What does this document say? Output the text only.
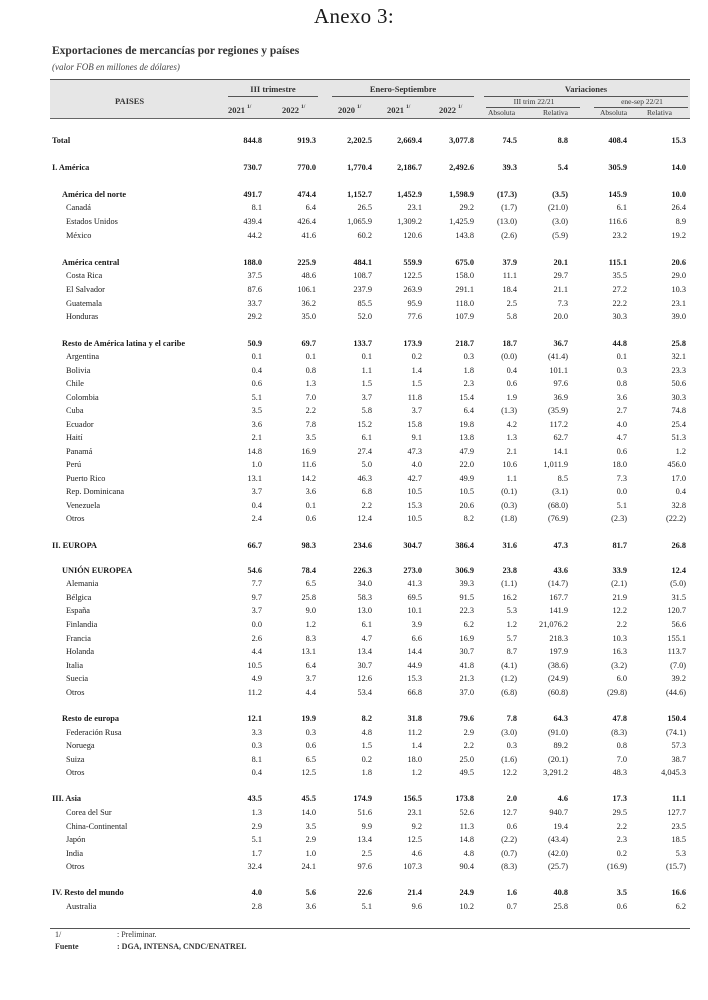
Anexo 3:
Exportaciones de mercancías por regiones y países
(valor FOB en millones de dólares)
PAISES
III trimestre	Enero-Septiembre	Variaciones
III trim 22/21	ene-sep 22/21
2021 $^{1/}$	2022 $^{1/}$	2020 $^{1/}$	2021 $^{1/}$	2022 $^{1/}$
Absoluta	Relativa	Absoluta	Relativa
Total	844.8	919.3	2,202.5	2,669.4	3,077.8	74.5	8.8	408.4	15.3
I. América	730.7	770.0	1,770.4	2,186.7	2,492.6	39.3	5.4	305.9	14.0
América del norte	491.7	474.4	1,152.7	1,452.9	1,598.9	(17.3)	(3.5)	145.9	10.0
Canadá	8.1	6.4	26.5	23.1	29.2	(1.7)	(21.0)	6.1	26.4
Estados Unidos	439.4	426.4	1,065.9	1,309.2	1,425.9	(13.0)	(3.0)	116.6	8.9
México	44.2	41.6	60.2	120.6	143.8	(2.6)	(5.9)	23.2	19.2
América central	188.0	225.9	484.1	559.9	675.0	37.9	20.1	115.1	20.6
Costa Rica	37.5	48.6	108.7	122.5	158.0	11.1	29.7	35.5	29.0
El Salvador	87.6	106.1	237.9	263.9	291.1	18.4	21.1	27.2	10.3
Guatemala	33.7	36.2	85.5	95.9	118.0	2.5	7.3	22.2	23.1
Honduras	29.2	35.0	52.0	77.6	107.9	5.8	20.0	30.3	39.0
Resto de América latina y el caribe	50.9	69.7	133.7	173.9	218.7	18.7	36.7	44.8	25.8
Argentina	0.1	0.1	0.1	0.2	0.3	(0.0)	(41.4)	0.1	32.1
Bolivia	0.4	0.8	1.1	1.4	1.8	0.4	101.1	0.3	23.3
Chile	0.6	1.3	1.5	1.5	2.3	0.6	97.6	0.8	50.6
Colombia	5.1	7.0	3.7	11.8	15.4	1.9	36.9	3.6	30.3
Cuba	3.5	2.2	5.8	3.7	6.4	(1.3)	(35.9)	2.7	74.8
Ecuador	3.6	7.8	15.2	15.8	19.8	4.2	117.2	4.0	25.4
Haití	2.1	3.5	6.1	9.1	13.8	1.3	62.7	4.7	51.3
Panamá	14.8	16.9	27.4	47.3	47.9	2.1	14.1	0.6	1.2
Perú	1.0	11.6	5.0	4.0	22.0	10.6	1,011.9	18.0	456.0
Puerto Rico	13.1	14.2	46.3	42.7	49.9	1.1	8.5	7.3	17.0
Rep. Dominicana	3.7	3.6	6.8	10.5	10.5	(0.1)	(3.1)	0.0	0.4
Venezuela	0.4	0.1	2.2	15.3	20.6	(0.3)	(68.0)	5.1	32.8
Otros	2.4	0.6	12.4	10.5	8.2	(1.8)	(76.9)	(2.3)	(22.2)
II. EUROPA	66.7	98.3	234.6	304.7	386.4	31.6	47.3	81.7	26.8
UNIÓN EUROPEA	54.6	78.4	226.3	273.0	306.9	23.8	43.6	33.9	12.4
Alemania	7.7	6.5	34.0	41.3	39.3	(1.1)	(14.7)	(2.1)	(5.0)
Bélgica	9.7	25.8	58.3	69.5	91.5	16.2	167.7	21.9	31.5
España	3.7	9.0	13.0	10.1	22.3	5.3	141.9	12.2	120.7
Finlandia	0.0	1.2	6.1	3.9	6.2	1.2	21,076.2	2.2	56.6
Francia	2.6	8.3	4.7	6.6	16.9	5.7	218.3	10.3	155.1
Holanda	4.4	13.1	13.4	14.4	30.7	8.7	197.9	16.3	113.7
Italia	10.5	6.4	30.7	44.9	41.8	(4.1)	(38.6)	(3.2)	(7.0)
Suecia	4.9	3.7	12.6	15.3	21.3	(1.2)	(24.9)	6.0	39.2
Otros	11.2	4.4	53.4	66.8	37.0	(6.8)	(60.8)	(29.8)	(44.6)
Resto de europa	12.1	19.9	8.2	31.8	79.6	7.8	64.3	47.8	150.4
Federación Rusa	3.3	0.3	4.8	11.2	2.9	(3.0)	(91.0)	(8.3)	(74.1)
Noruega	0.3	0.6	1.5	1.4	2.2	0.3	89.2	0.8	57.3
Suiza	8.1	6.5	0.2	18.0	25.0	(1.6)	(20.1)	7.0	38.7
Otros	0.4	12.5	1.8	1.2	49.5	12.2	3,291.2	48.3	4,045.3
III. Asia	43.5	45.5	174.9	156.5	173.8	2.0	4.6	17.3	11.1
Corea del Sur	1.3	14.0	51.6	23.1	52.6	12.7	940.7	29.5	127.7
China-Continental	2.9	3.5	9.9	9.2	11.3	0.6	19.4	2.2	23.5
Japón	5.1	2.9	13.4	12.5	14.8	(2.2)	(43.4)	2.3	18.5
India	1.7	1.0	2.5	4.6	4.8	(0.7)	(42.0)	0.2	5.3
Otros	32.4	24.1	97.6	107.3	90.4	(8.3)	(25.7)	(16.9)	(15.7)
IV. Resto del mundo	4.0	5.6	22.6	21.4	24.9	1.6	40.8	3.5	16.6
Australia	2.8	3.6	5.1	9.6	10.2	0.7	25.8	0.6	6.2
1/	: Preliminar.
Fuente	: DGA, INTENSA, CNDC/ENATREL
